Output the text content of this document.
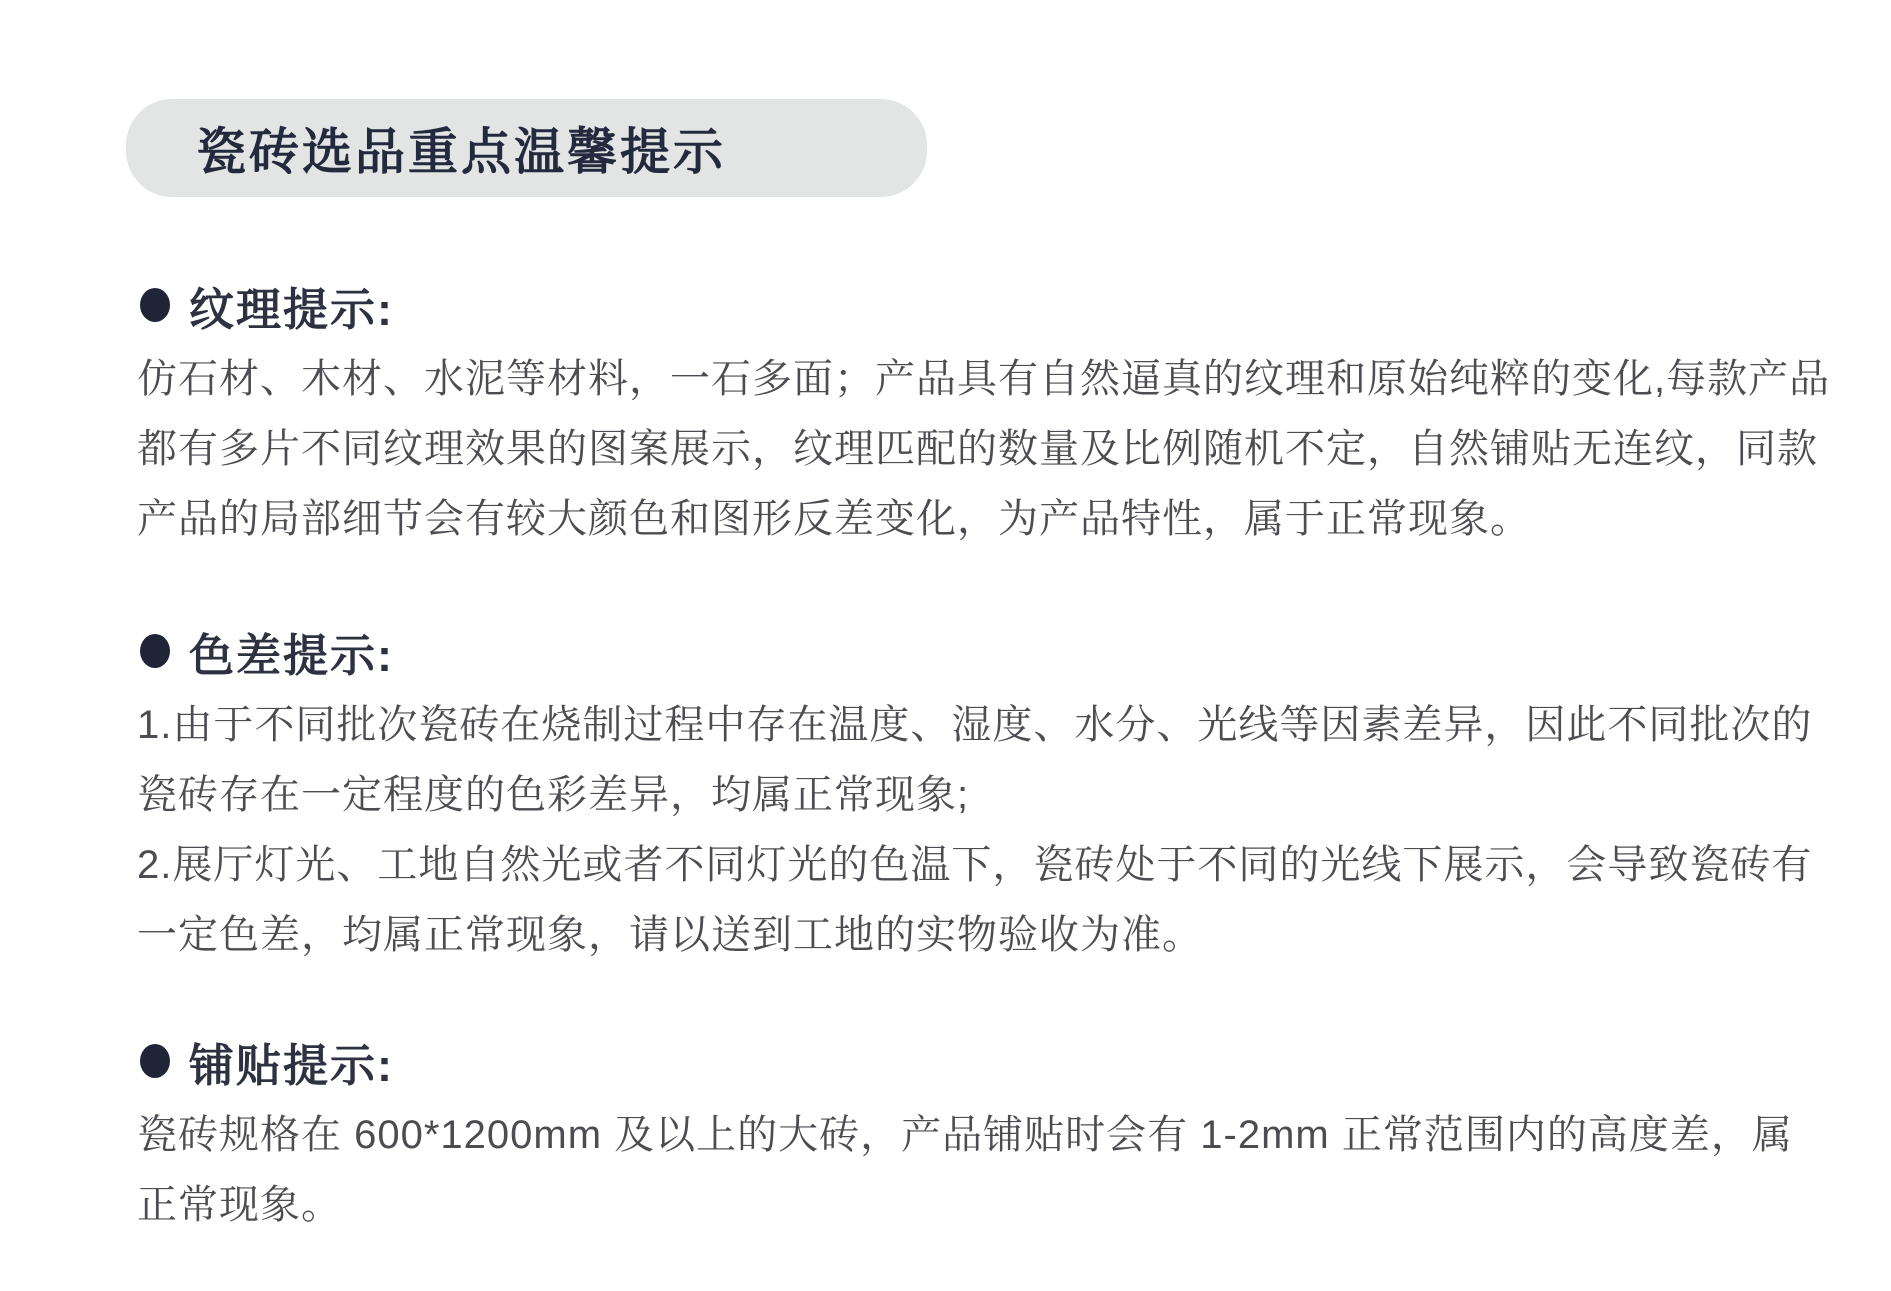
瓷砖选品重点温馨提示
纹理提示:
仿石材、木材、水泥等材料，一石多面；产品具有自然逼真的纹理和原始纯粹的变化,每款产品
都有多片不同纹理效果的图案展示，纹理匹配的数量及比例随机不定，自然铺贴无连纹，同款
产品的局部细节会有较大颜色和图形反差变化，为产品特性，属于正常现象。
色差提示:
1.由于不同批次瓷砖在烧制过程中存在温度、湿度、水分、光线等因素差异，因此不同批次的
瓷砖存在一定程度的色彩差异，均属正常现象;
2.展厅灯光、工地自然光或者不同灯光的色温下，瓷砖处于不同的光线下展示，会导致瓷砖有
一定色差，均属正常现象，请以送到工地的实物验收为准。
铺贴提示:
瓷砖规格在 600*1200mm 及以上的大砖，产品铺贴时会有 1-2mm 正常范围内的高度差，属
正常现象。
